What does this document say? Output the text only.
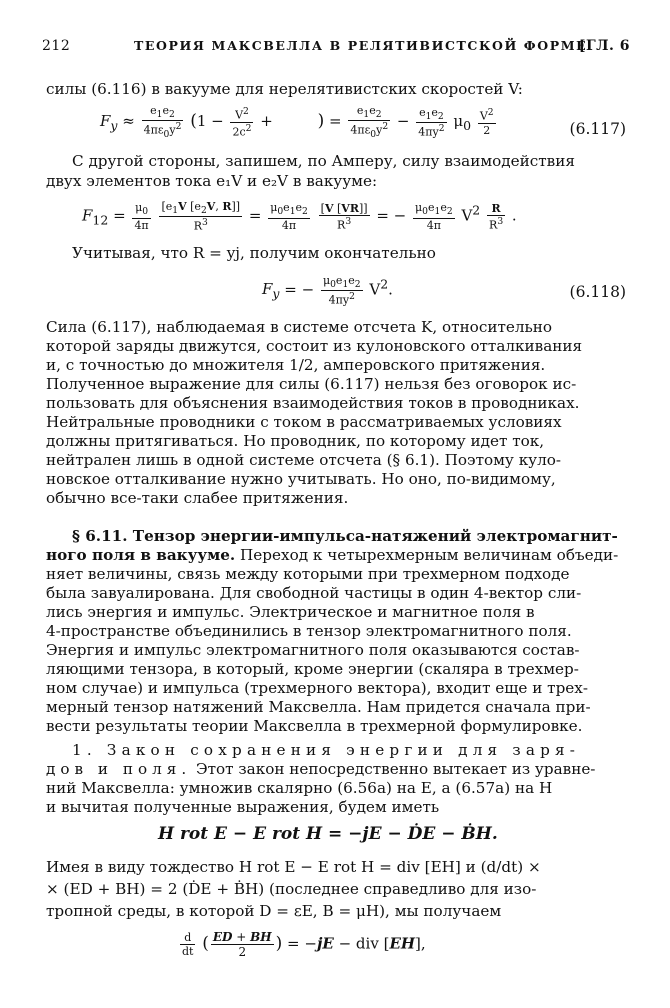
212	ТЕОРИЯ МАКСВЕЛЛА В РЕЛЯТИВИСТСКОЙ ФОРМЕ
[ГЛ. 6
силы (6.116) в вакууме для нерелятивистских скоростей V:
$F_y \approx \frac{e_1e_2}{4\pi\varepsilon_0y^2} (1 - \frac{V^2}{2c^2}$ + ) = $\frac{e_1e_2}{4\pi\varepsilon_0y^2} - \frac{e_1e_2}{4\pi y^2} \mu_0 \frac{V^2}{2}$	(6.117)
С другой стороны, запишем, по Амперу, силу взаимодействия
двух элементов тока e₁V и e₂V в вакууме:
$F_{12} = \frac{\mu_0}{4\pi}$
$\frac{[e_1V [e_2V, R]]}{R^3} = \frac{\mu_0e_1e_2}{4\pi}$
$\frac{[V [VR]]}{R^3}$ = − $\frac{\mu_0e_1e_2}{4\pi} V^2 \frac{R}{R^3}$ .
Учитывая, что R = yj, получим окончательно
$F_y$ = − $\frac{\mu_0e_1e_2}{4\pi y^2} V^2$.	(6.118)
Сила (6.117), наблюдаемая в системе отсчета K, относительно
которой заряды движутся, состоит из кулоновского отталкивания
и, с точностью до множителя 1/2, амперовского притяжения.
Полученное выражение для силы (6.117) нельзя без оговорок ис-
пользовать для объяснения взаимодействия токов в проводниках.
Нейтральные проводники с током в рассматриваемых условиях
должны притягиваться. Но проводник, по которому идет ток,
нейтрален лишь в одной системе отсчета (§ 6.1). Поэтому куло-
новское отталкивание нужно учитывать. Но оно, по-видимому,
обычно все-таки слабее притяжения.
§ 6.11. Тензор энергии-импульса-натяжений электромагнит-
ного поля в вакууме. Переход к четырехмерным величинам объеди-
няет величины, связь между которыми при трехмерном подходе
была завуалирована. Для свободной частицы в один 4-вектор сли-
лись энергия и импульс. Электрическое и магнитное поля в
4-пространстве объединились в тензор электромагнитного поля.
Энергия и импульс электромагнитного поля оказываются состав-
ляющими тензора, в который, кроме энергии (скаляра в трехмер-
ном случае) и импульса (трехмерного вектора), входит еще и трех-
мерный тензор натяжений Максвелла. Нам придется сначала при-
вести результаты теории Максвелла в трехмерной формулировке.
1. Закон сохранения энергии для заря-
дов и поля. Этот закон непосредственно вытекает из уравне-
ний Максвелла: умножив скалярно (6.56а) на E, а (6.57а) на H
и вычитая полученные выражения, будем иметь
H rot E − E rot H = −jE − ḊE − ḂH.
Имея в виду тождество H rot E − E rot H = div [EH] и (d/dt) ×
× (ED + BH) = 2 (ḊE + ḂH) (последнее справедливо для изо-
тропной среды, в которой D = εE, B = μH), мы получаем
$\frac{d}{dt}$ ( $\frac{ED + BH}{2}$ ) = −jE − div [EH],
